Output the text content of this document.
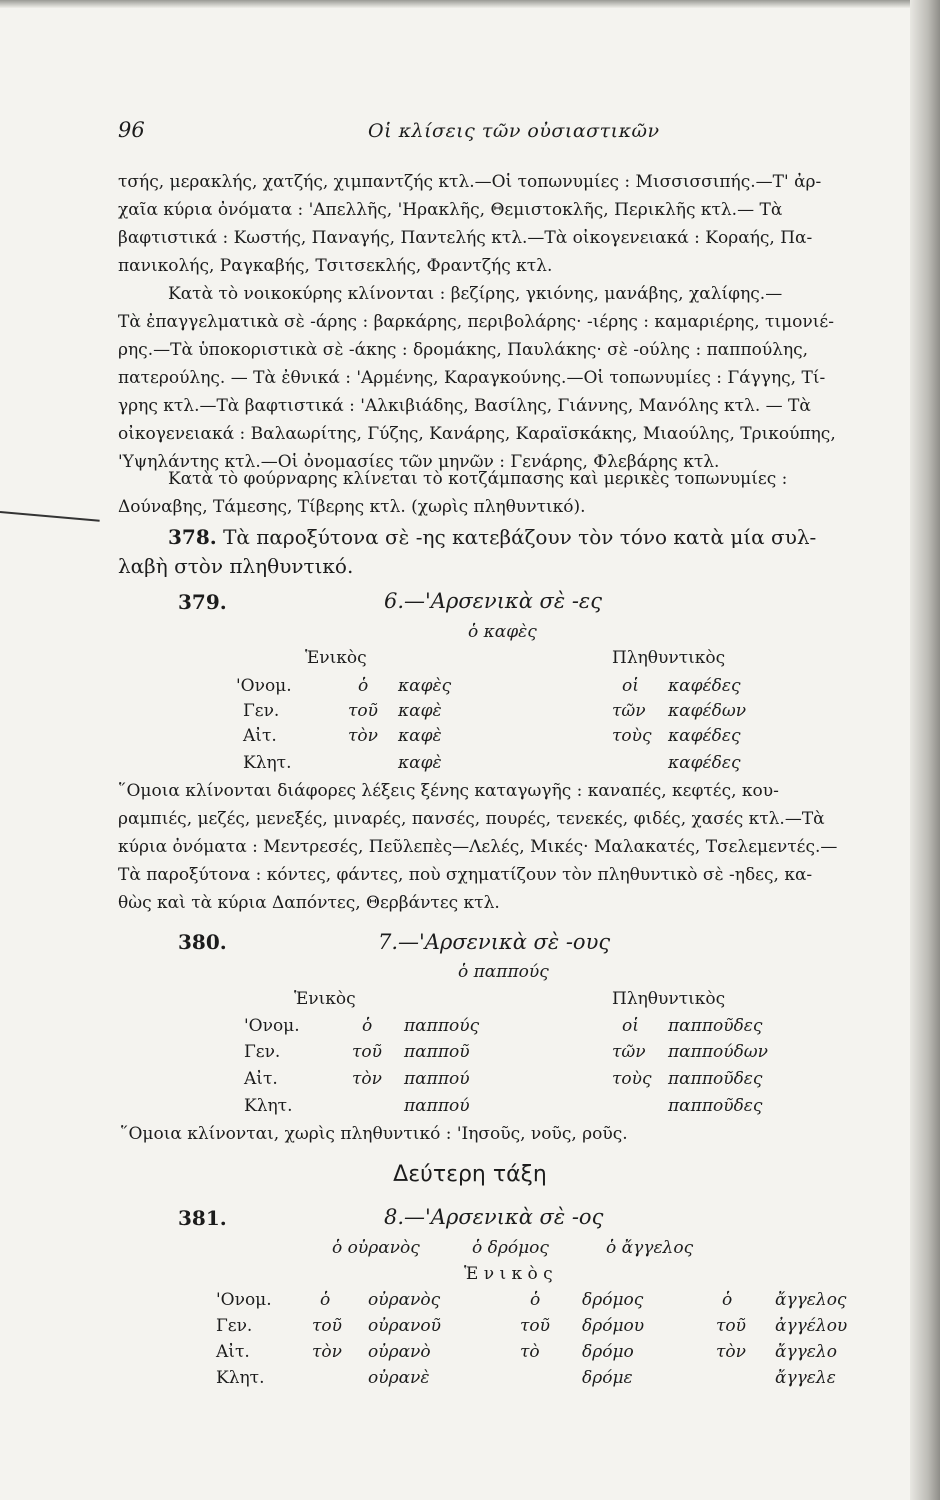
96	Οἱ κλίσεις τῶν οὐσιαστικῶν
τσής, μερακλής, χατζής, χιμπαντζής κτλ.—Οἱ τοπωνυμίες : Μισσισσιπής.—Τ' ἀρ-
χαῖα κύρια ὀνόματα : 'Απελλῆς, 'Ηρακλῆς, Θεμιστοκλῆς, Περικλῆς κτλ.— Τὰ
βαφτιστικά : Κωστής, Παναγής, Παντελής κτλ.—Τὰ οἰκογενειακά : Κοραής, Πα-
πανικολής, Ραγκαβής, Τσιτσεκλής, Φραντζής κτλ.
Κατὰ τὸ νοικοκύρης κλίνονται : βεζίρης, γκιόνης, μανάβης, χαλίφης.—
Τὰ ἐπαγγελματικὰ σὲ -άρης : βαρκάρης, περιβολάρης· -ιέρης : καμαριέρης, τιμονιέ-
ρης.—Τὰ ὑποκοριστικὰ σὲ -άκης : δρομάκης, Παυλάκης· σὲ -ούλης : παππούλης,
πατερούλης. — Τὰ ἐθνικά : 'Αρμένης, Καραγκούνης.—Οἱ τοπωνυμίες : Γάγγης, Τί-
γρης κτλ.—Τὰ βαφτιστικά : 'Αλκιβιάδης, Βασίλης, Γιάννης, Μανόλης κτλ. — Τὰ
οἰκογενειακά : Βαλαωρίτης, Γύζης, Κανάρης, Καραϊσκάκης, Μιαούλης, Τρικούπης,
'Υψηλάντης κτλ.—Οἱ ὀνομασίες τῶν μηνῶν : Γενάρης, Φλεβάρης κτλ.
Κατὰ τὸ φούρναρης κλίνεται τὸ κοτζάμπασης καὶ μερικὲς τοπωνυμίες :
Δούναβης, Τάμεσης, Τίβερης κτλ. (χωρὶς πληθυντικό).
378. Τὰ παροξύτονα σὲ -ης κατεβάζουν τὸν τόνο κατὰ μία συλ-
λαβὴ στὸν πληθυντικό.
379.	6.—'Αρσενικὰ σὲ -ες
ὁ καφὲς
Ἑνικὸς	Πληθυντικὸς
'Ονομ.	ὁ καφὲς	οἱ καφέδες
Γεν.	τοῦ καφὲ	τῶν καφέδων
Αἰτ.	τὸν καφὲ	τοὺς καφέδες
Κλητ.	καφὲ	καφέδες
῞Ομοια κλίνονται διάφορες λέξεις ξένης καταγωγῆς : καναπές, κεφτές, κου-
ραμπιές, μεζές, μενεξές, μιναρές, πανσές, πουρές, τενεκές, φιδές, χασές κτλ.—Τὰ
κύρια ὀνόματα : Μεντρεσές, Πεῦλεπὲς—Λελές, Μικές· Μαλακατές, Τσελεμεντές.—
Τὰ παροξύτονα : κόντες, φάντες, ποὺ σχηματίζουν τὸν πληθυντικὸ σὲ -ηδες, κα-
θὼς καὶ τὰ κύρια Δαπόντες, Θερβάντες κτλ.
380.	7.—'Αρσενικὰ σὲ -ους
ὁ παππούς
Ἑνικὸς	Πληθυντικὸς
'Ονομ.	ὁ παππούς	οἱ παπποῦδες
Γεν.	τοῦ παπποῦ	τῶν παππούδων
Αἰτ.	τὸν παππού	τοὺς παπποῦδες
Κλητ.	παππού	παπποῦδες
῞Ομοια κλίνονται, χωρὶς πληθυντικό : 'Ιησοῦς, νοῦς, ροῦς.
Δεύτερη τάξη
381.	8.—'Αρσενικὰ σὲ -ος
ὁ οὐρανὸς	ὁ δρόμος	ὁ ἄγγελος
Ἑ ν ι κ ὸ ς
'Ονομ.	ὁ οὐρανὸς	ὁ δρόμος	ὁ	ἄγγελος
Γεν.	τοῦ οὐρανοῦ	τοῦ δρόμου	τοῦ ἀγγέλου
Αἰτ.	τὸν οὐρανὸ	τὸ δρόμο	τὸν ἄγγελο
Κλητ.	οὐρανὲ	δρόμε	ἄγγελε
